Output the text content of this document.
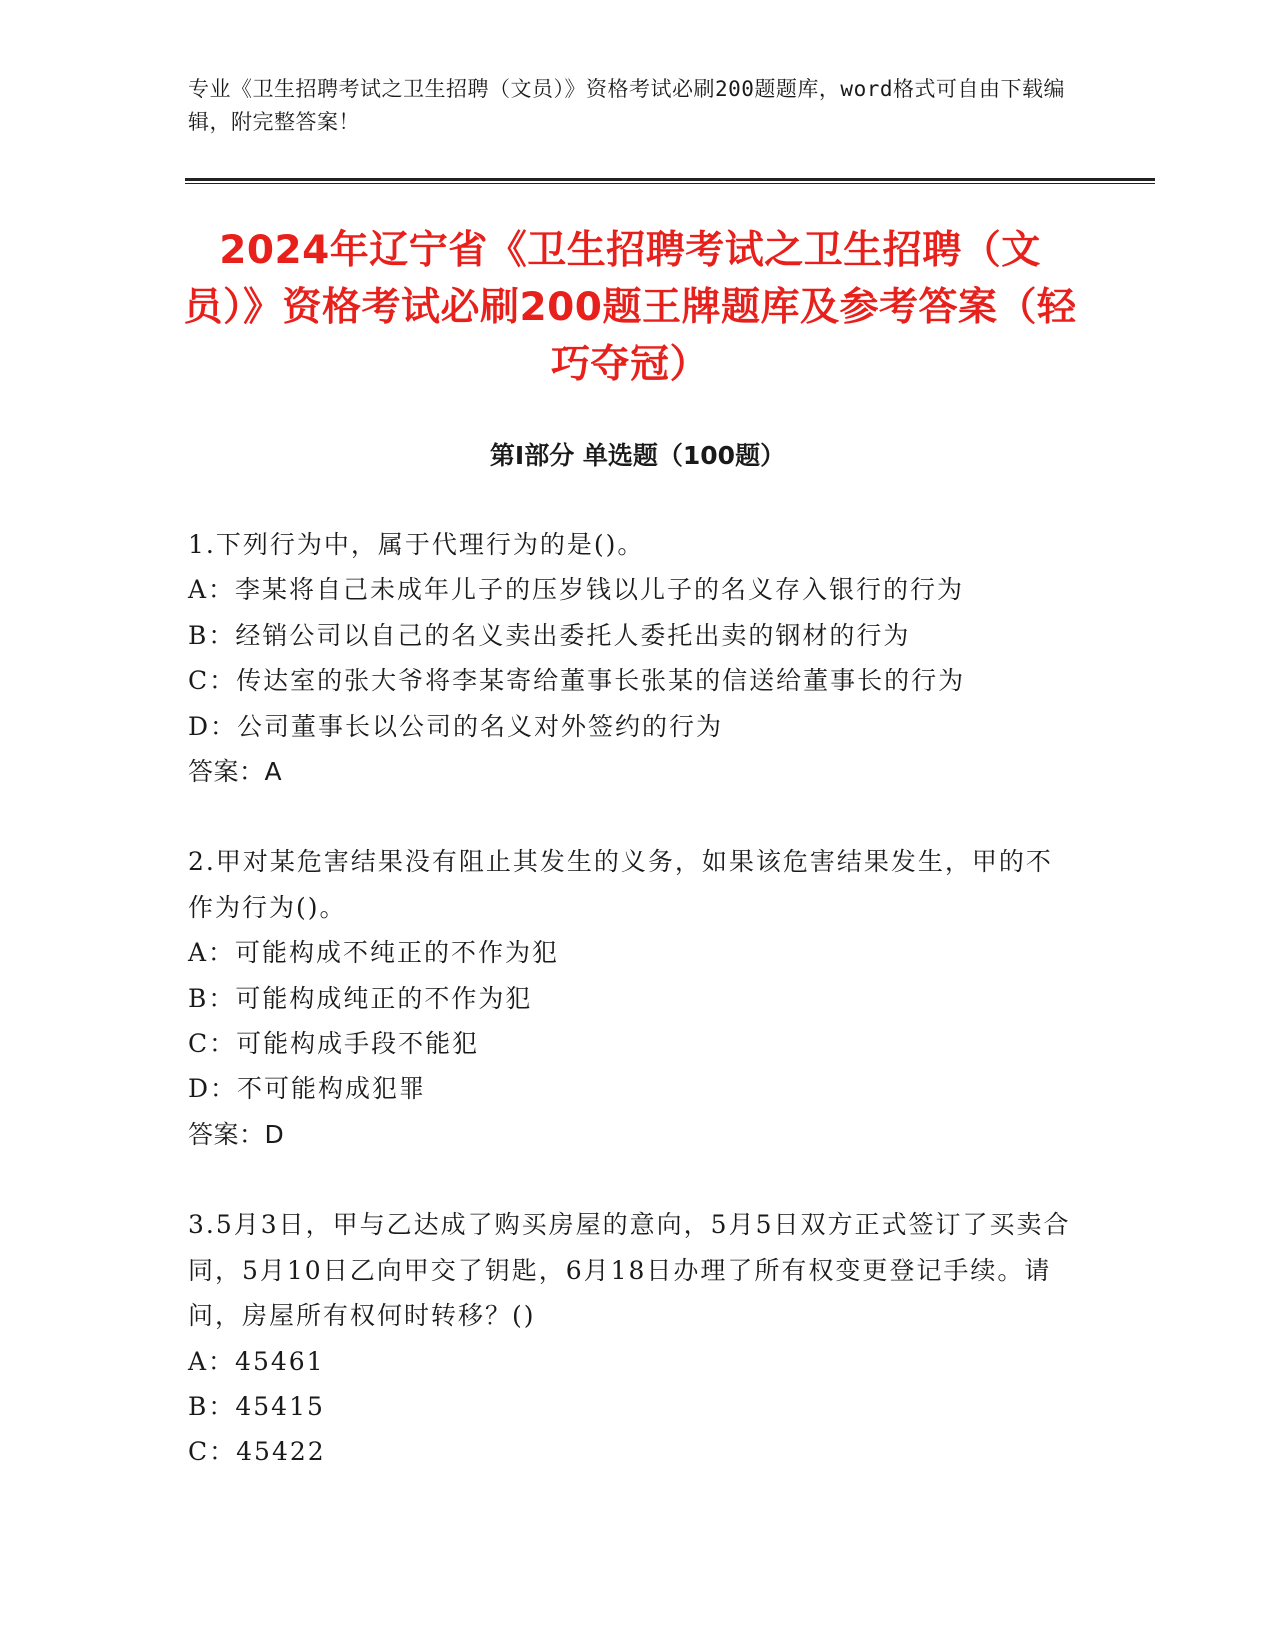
专业《卫生招聘考试之卫生招聘（文员）》资格考试必刷200题题库，word格式可自由下载编辑，附完整答案！
2024年辽宁省《卫生招聘考试之卫生招聘（文员）》资格考试必刷200题王牌题库及参考答案（轻巧夺冠）
第Ⅰ部分 单选题（100题）
1.下列行为中，属于代理行为的是()。
A：李某将自己未成年儿子的压岁钱以儿子的名义存入银行的行为
B：经销公司以自己的名义卖出委托人委托出卖的钢材的行为
C：传达室的张大爷将李某寄给董事长张某的信送给董事长的行为
D：公司董事长以公司的名义对外签约的行为
答案：A
2.甲对某危害结果没有阻止其发生的义务，如果该危害结果发生，甲的不作为行为()。
A：可能构成不纯正的不作为犯
B：可能构成纯正的不作为犯
C：可能构成手段不能犯
D：不可能构成犯罪
答案：D
3.5月3日，甲与乙达成了购买房屋的意向，5月5日双方正式签订了买卖合同，5月10日乙向甲交了钥匙，6月18日办理了所有权变更登记手续。请问，房屋所有权何时转移？()
A：45461
B：45415
C：45422
